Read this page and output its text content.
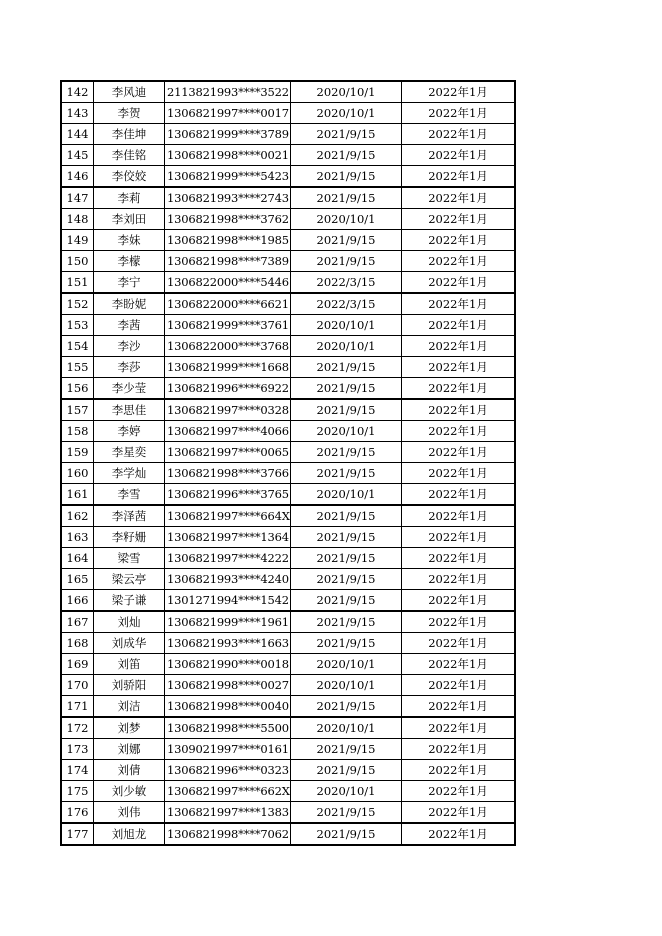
142	李风迪	2113821993****3522	2020/10/1	2022年1月
143	李贺	1306821997****0017	2020/10/1	2022年1月
144	李佳坤	1306821999****3789	2021/9/15	2022年1月
145	李佳铭	1306821998****0021	2021/9/15	2022年1月
146	李佼姣	1306821999****5423	2021/9/15	2022年1月
147	李莉	1306821993****2743	2021/9/15	2022年1月
148	李刘田	1306821998****3762	2020/10/1	2022年1月
149	李妹	1306821998****1985	2021/9/15	2022年1月
150	李檬	1306821998****7389	2021/9/15	2022年1月
151	李宁	1306822000****5446	2022/3/15	2022年1月
152	李盼妮	1306822000****6621	2022/3/15	2022年1月
153	李茜	1306821999****3761	2020/10/1	2022年1月
154	李沙	1306822000****3768	2020/10/1	2022年1月
155	李莎	1306821999****1668	2021/9/15	2022年1月
156	李少莹	1306821996****6922	2021/9/15	2022年1月
157	李思佳	1306821997****0328	2021/9/15	2022年1月
158	李婷	1306821997****4066	2020/10/1	2022年1月
159	李星奕	1306821997****0065	2021/9/15	2022年1月
160	李学灿	1306821998****3766	2021/9/15	2022年1月
161	李雪	1306821996****3765	2020/10/1	2022年1月
162	李泽茜	1306821997****664X	2021/9/15	2022年1月
163	李籽姗	1306821997****1364	2021/9/15	2022年1月
164	梁雪	1306821997****4222	2021/9/15	2022年1月
165	梁云亭	1306821993****4240	2021/9/15	2022年1月
166	梁子谦	1301271994****1542	2021/9/15	2022年1月
167	刘灿	1306821999****1961	2021/9/15	2022年1月
168	刘成华	1306821993****1663	2021/9/15	2022年1月
169	刘笛	1306821990****0018	2020/10/1	2022年1月
170	刘骄阳	1306821998****0027	2020/10/1	2022年1月
171	刘洁	1306821998****0040	2021/9/15	2022年1月
172	刘梦	1306821998****5500	2020/10/1	2022年1月
173	刘娜	1309021997****0161	2021/9/15	2022年1月
174	刘倩	1306821996****0323	2021/9/15	2022年1月
175	刘少敏	1306821997****662X	2020/10/1	2022年1月
176	刘伟	1306821997****1383	2021/9/15	2022年1月
177	刘旭龙	1306821998****7062	2021/9/15	2022年1月
